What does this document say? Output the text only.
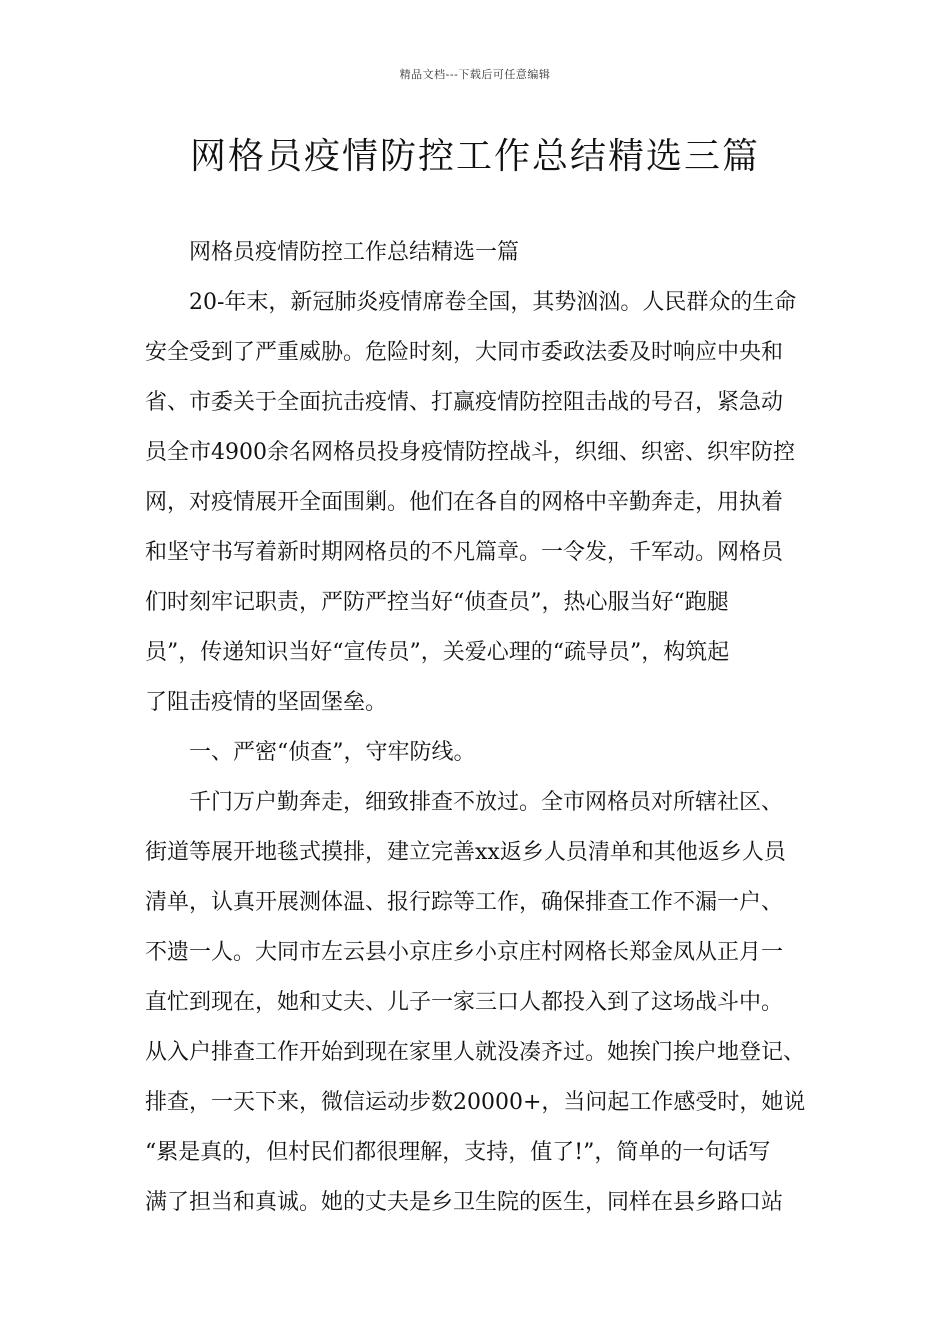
精品文档---下载后可任意编辑
网格员疫情防控工作总结精选三篇
网格员疫情防控工作总结精选一篇
20-年末，新冠肺炎疫情席卷全国，其势汹汹。人民群众的生命
安全受到了严重威胁。危险时刻，大同市委政法委及时响应中央和
省、市委关于全面抗击疫情、打赢疫情防控阻击战的号召，紧急动
员全市4900余名网格员投身疫情防控战斗，织细、织密、织牢防控
网，对疫情展开全面围剿。他们在各自的网格中辛勤奔走，用执着
和坚守书写着新时期网格员的不凡篇章。一令发，千军动。网格员
们时刻牢记职责，严防严控当好“侦查员”，热心服当好“跑腿
员”，传递知识当好“宣传员”，关爱心理的“疏导员”，构筑起
了阻击疫情的坚固堡垒。
一、严密“侦查”，守牢防线。
千门万户勤奔走，细致排查不放过。全市网格员对所辖社区、
街道等展开地毯式摸排，建立完善xx返乡人员清单和其他返乡人员
清单，认真开展测体温、报行踪等工作，确保排查工作不漏一户、
不遗一人。大同市左云县小京庄乡小京庄村网格长郑金凤从正月一
直忙到现在，她和丈夫、儿子一家三口人都投入到了这场战斗中。
从入户排查工作开始到现在家里人就没凑齐过。她挨门挨户地登记、
排查，一天下来，微信运动步数20000+，当问起工作感受时，她说
“累是真的，但村民们都很理解，支持，值了!”，简单的一句话写
满了担当和真诚。她的丈夫是乡卫生院的医生，同样在县乡路口站
